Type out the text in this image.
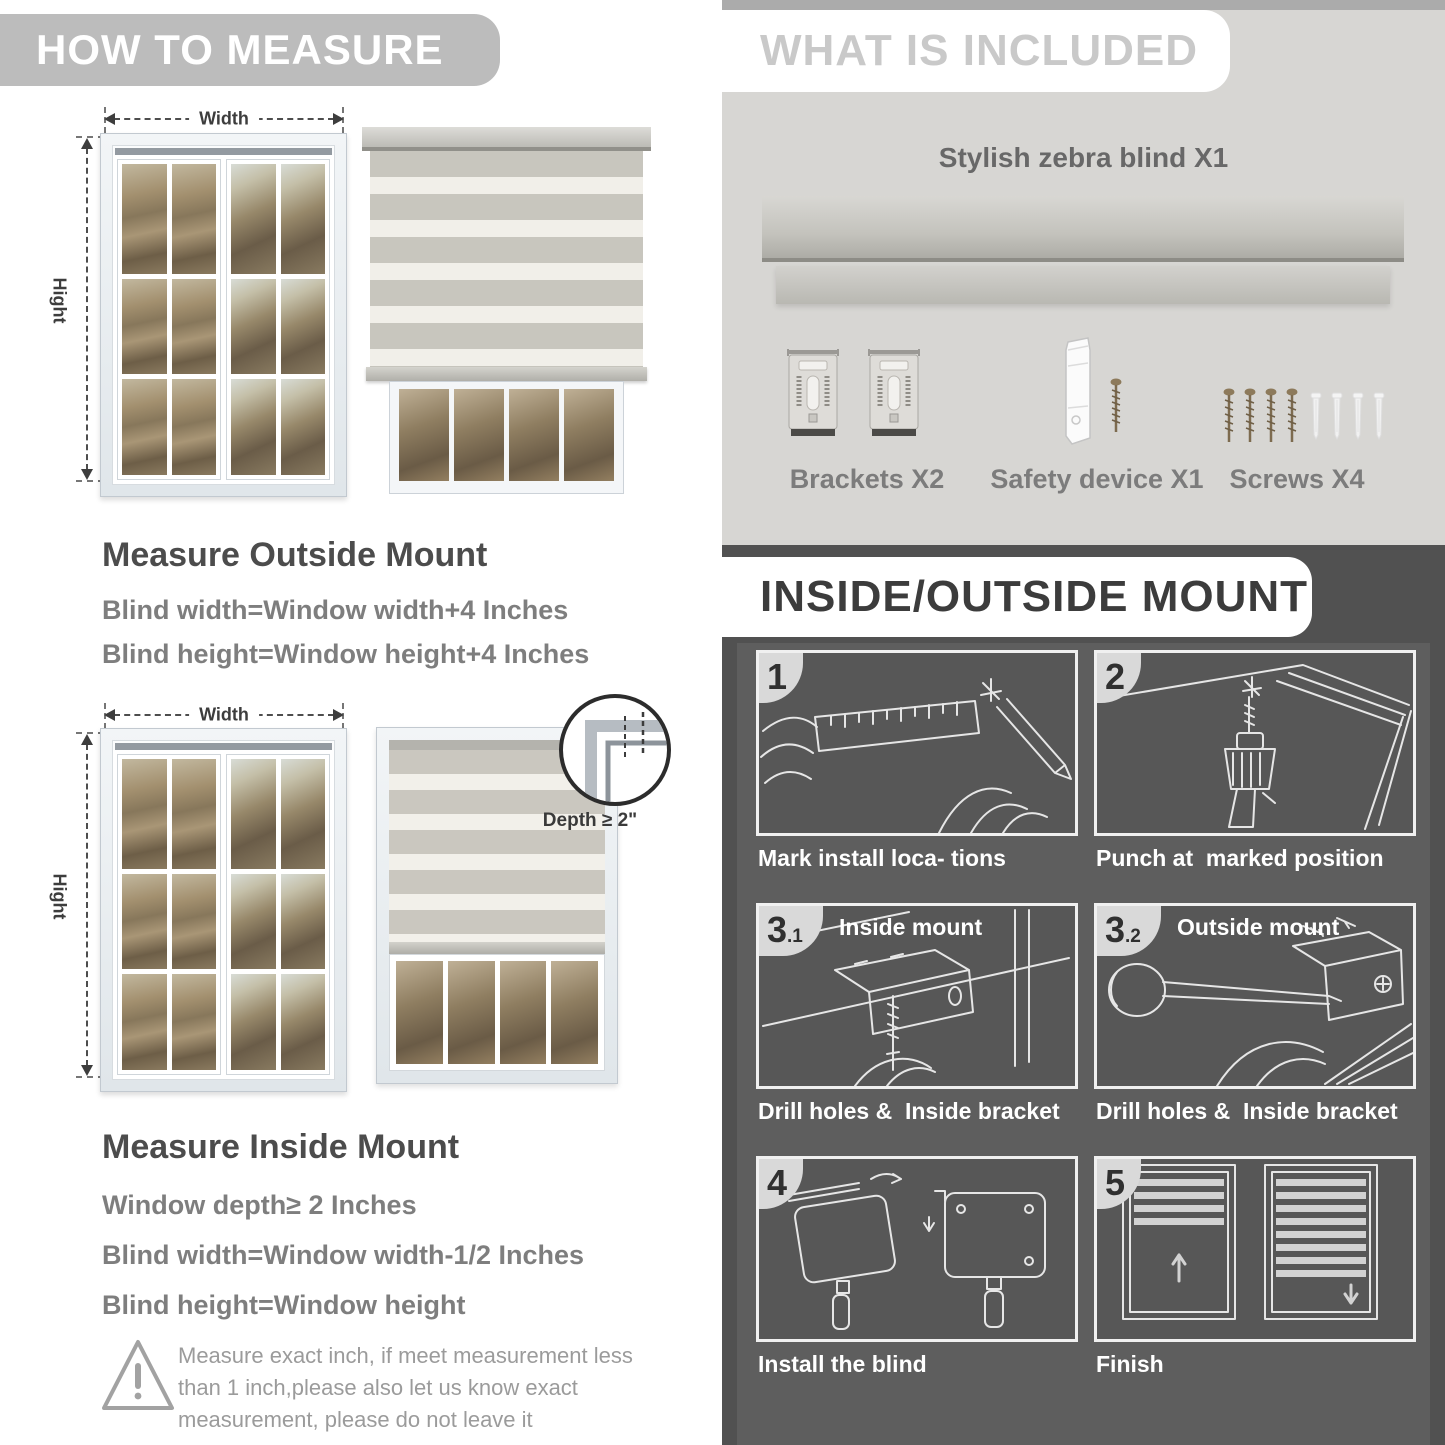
HOW TO MEASURE
Width
Hight
Measure Outside Mount
Blind width=Window width+4 Inches
Blind height=Window height+4 Inches
Width
Hight
Depth ≥ 2"
Measure Inside Mount
Window depth≥ 2 Inches
Blind width=Window width-1/2 Inches
Blind height=Window height
Measure exact inch, if meet measurement less
than 1 inch,please also let us know exact
measurement, please do not leave it
WHAT IS INCLUDED
Stylish zebra blind X1
Brackets X2	Safety device X1 Screws X4
INSIDE/OUTSIDE MOUNT
1
Mark install loca- tions
2
Punch at  marked position
3.1	Inside mount
Drill holes &  Inside bracket
3.2	Outside mount
Drill holes &  Inside bracket
4
Install the blind
5
Finish
